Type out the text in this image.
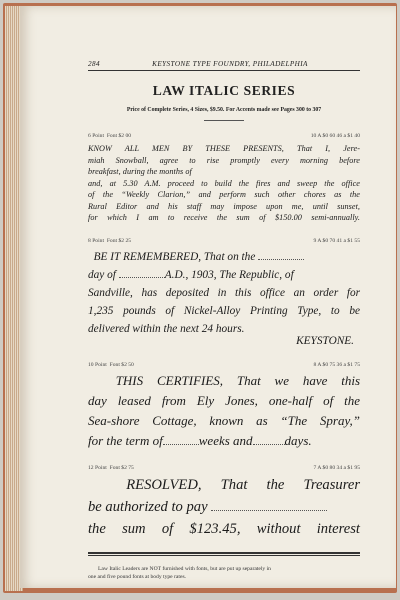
284	KEYSTONE TYPE FOUNDRY, PHILADELPHIA
LAW ITALIC SERIES
Price of Complete Series, 4 Sizes, $9.50. For Accents made see Pages 300 to 307
6 Point Font $2 00	10 A $0 60 46 a $1 40
KNOW ALL MEN BY THESE PRESENTS, That I, Jere-
miah Snowball, agree to rise promptly every morning before
breakfast, during the months of
and, at 5.30 A.M. proceed to build the fires and sweep the office
of the “Weekly Clarion,” and perform such other chores as the
Rural Editor and his staff may impose upon me, until sunset,
for which I am to receive the sum of $150.00 semi-annually.
8 Point Font $2 25	9 A $0 70 41 a $1 55
BE IT REMEMBERED, That on the
day of	A.D., 1903, The Republic, of
Sandville, has deposited in this office an order for
1,235 pounds of Nickel-Alloy Printing Type, to be
delivered within the next 24 hours.
KEYSTONE.
10 Point Font $2 50	8 A $0 75 36 a $1 75
THIS CERTIFIES, That we have this
day leased from Ely Jones, one-half of the
Sea-shore Cottage, known as “The Spray,”
for the term of	weeks and days.
12 Point Font $2 75	7 A $0 80 34 a $1 95
RESOLVED, That the Treasurer
be authorized to pay
the sum of $123.45, without interest
Law Italic Leaders are NOT furnished with fonts, but are put up separately in
one and five pound fonts at body type rates.
